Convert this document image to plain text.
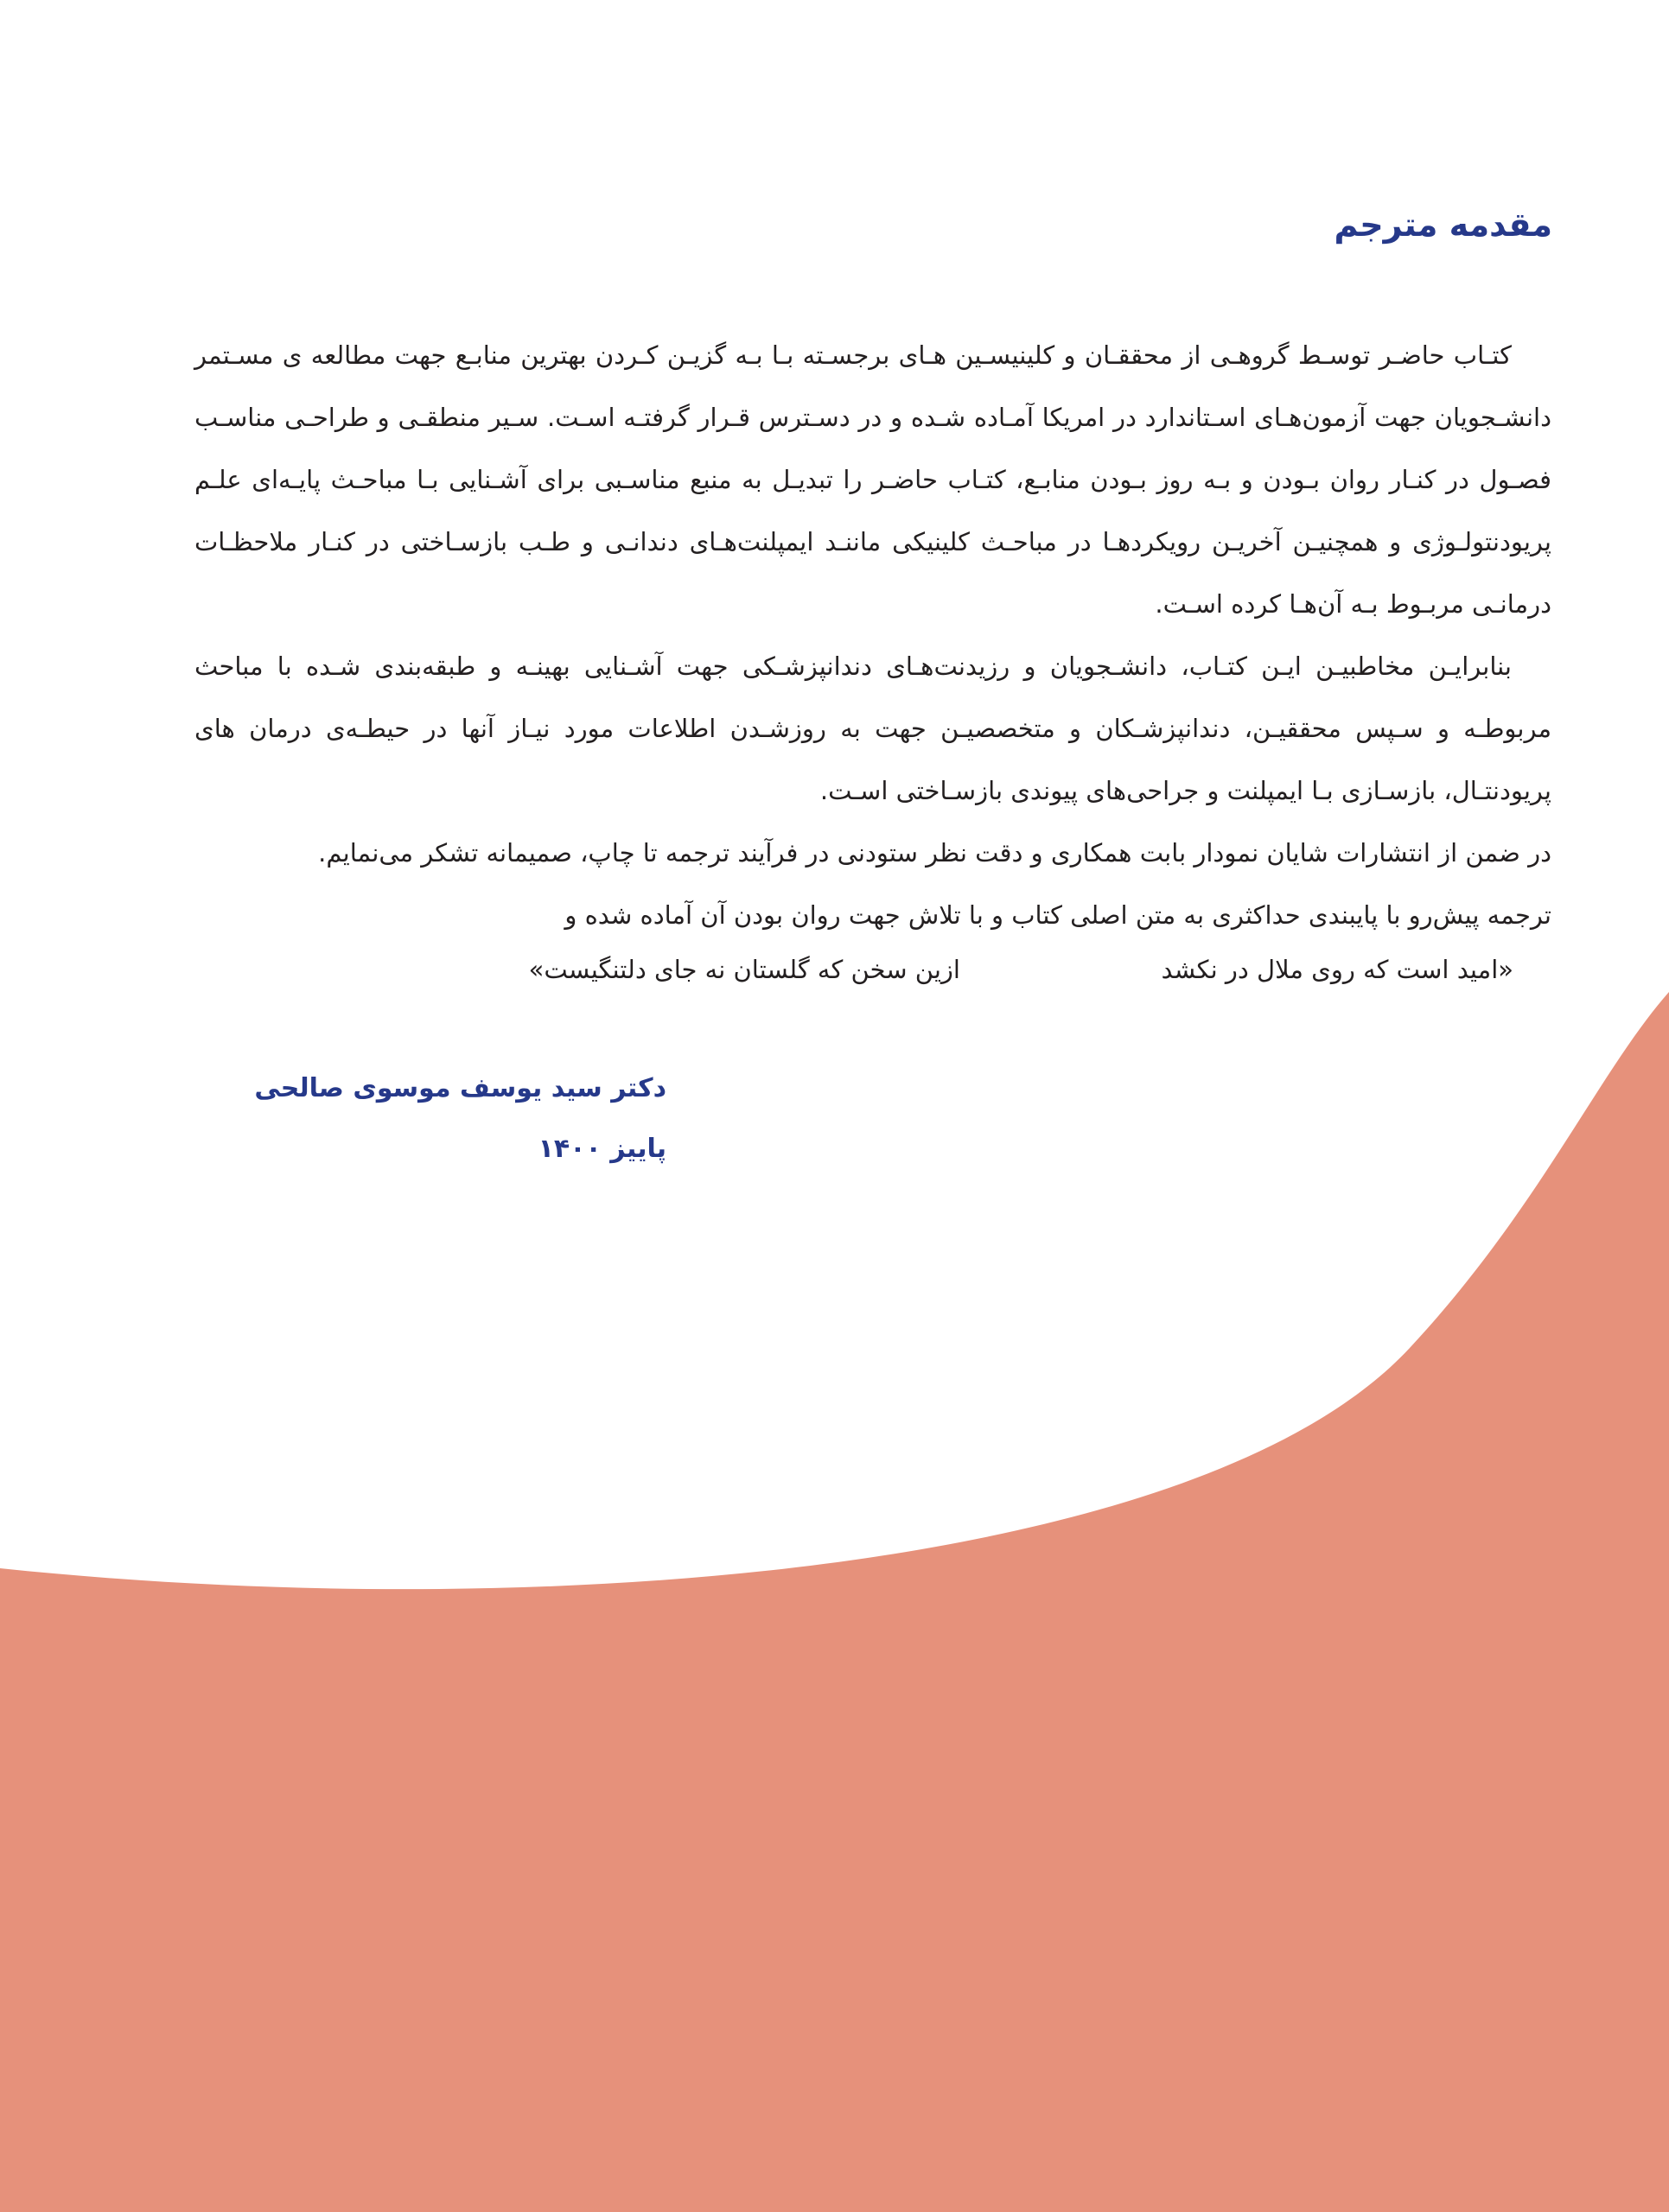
مقدمه مترجم

کتـاب حاضـر توسـط گروهـی از محققـان و کلینیسـین هـای برجسـته بـا بـه گزیـن کـردن بهترین منابـع جهت مطالعه ی مسـتمر دانشـجویان جهت آزمون‌هـای اسـتاندارد در امریکا آمـاده شـده و در دسـترس قـرار گرفتـه اسـت. سـیر منطقـی و طراحـی مناسـب فصـول در کنـار روان بـودن و بـه روز بـودن منابـع، کتـاب حاضـر را تبدیـل به منبع مناسـبی برای آشـنایی بـا مباحـث پایـه‌ای علـم پریودنتولـوژی و همچنیـن آخریـن رویکردهـا در مباحـث کلینیکی ماننـد ایمپلنت‌هـای دندانـی و طـب بازسـاختی در کنـار ملاحظـات درمانـی مربـوط بـه آن‌هـا کرده اسـت.

بنابرایـن مخاطبیـن ایـن کتـاب، دانشـجویان و رزیدنت‌هـای دندانپزشـکی جهت آشـنایی بهینـه و طبقه‌بندی شـده با مباحث مربوطـه و سـپس محققیـن، دندانپزشـکان و متخصصیـن جهت به روزشـدن اطلاعات مورد نیـاز آنها در حیطـه‌ی درمان های پریودنتـال، بازسـازی بـا ایمپلنت و جراحی‌های پیوندی بازسـاختی اسـت.

در ضمن از انتشارات شایان نمودار بابت همکاری و دقت نظر ستودنی در فرآیند ترجمه تا چاپ، صمیمانه تشکر می‌نمایم.

ترجمه پیش‌رو با پایبندی حداکثری به متن اصلی کتاب و با تلاش جهت روان بودن آن آماده شده و

«امید است که روی ملال در نکشد

ازین سخن که گلستان نه جای دلتنگیست»

دکتر سید یوسف موسوی صالحی

پاییز ۱۴۰۰
